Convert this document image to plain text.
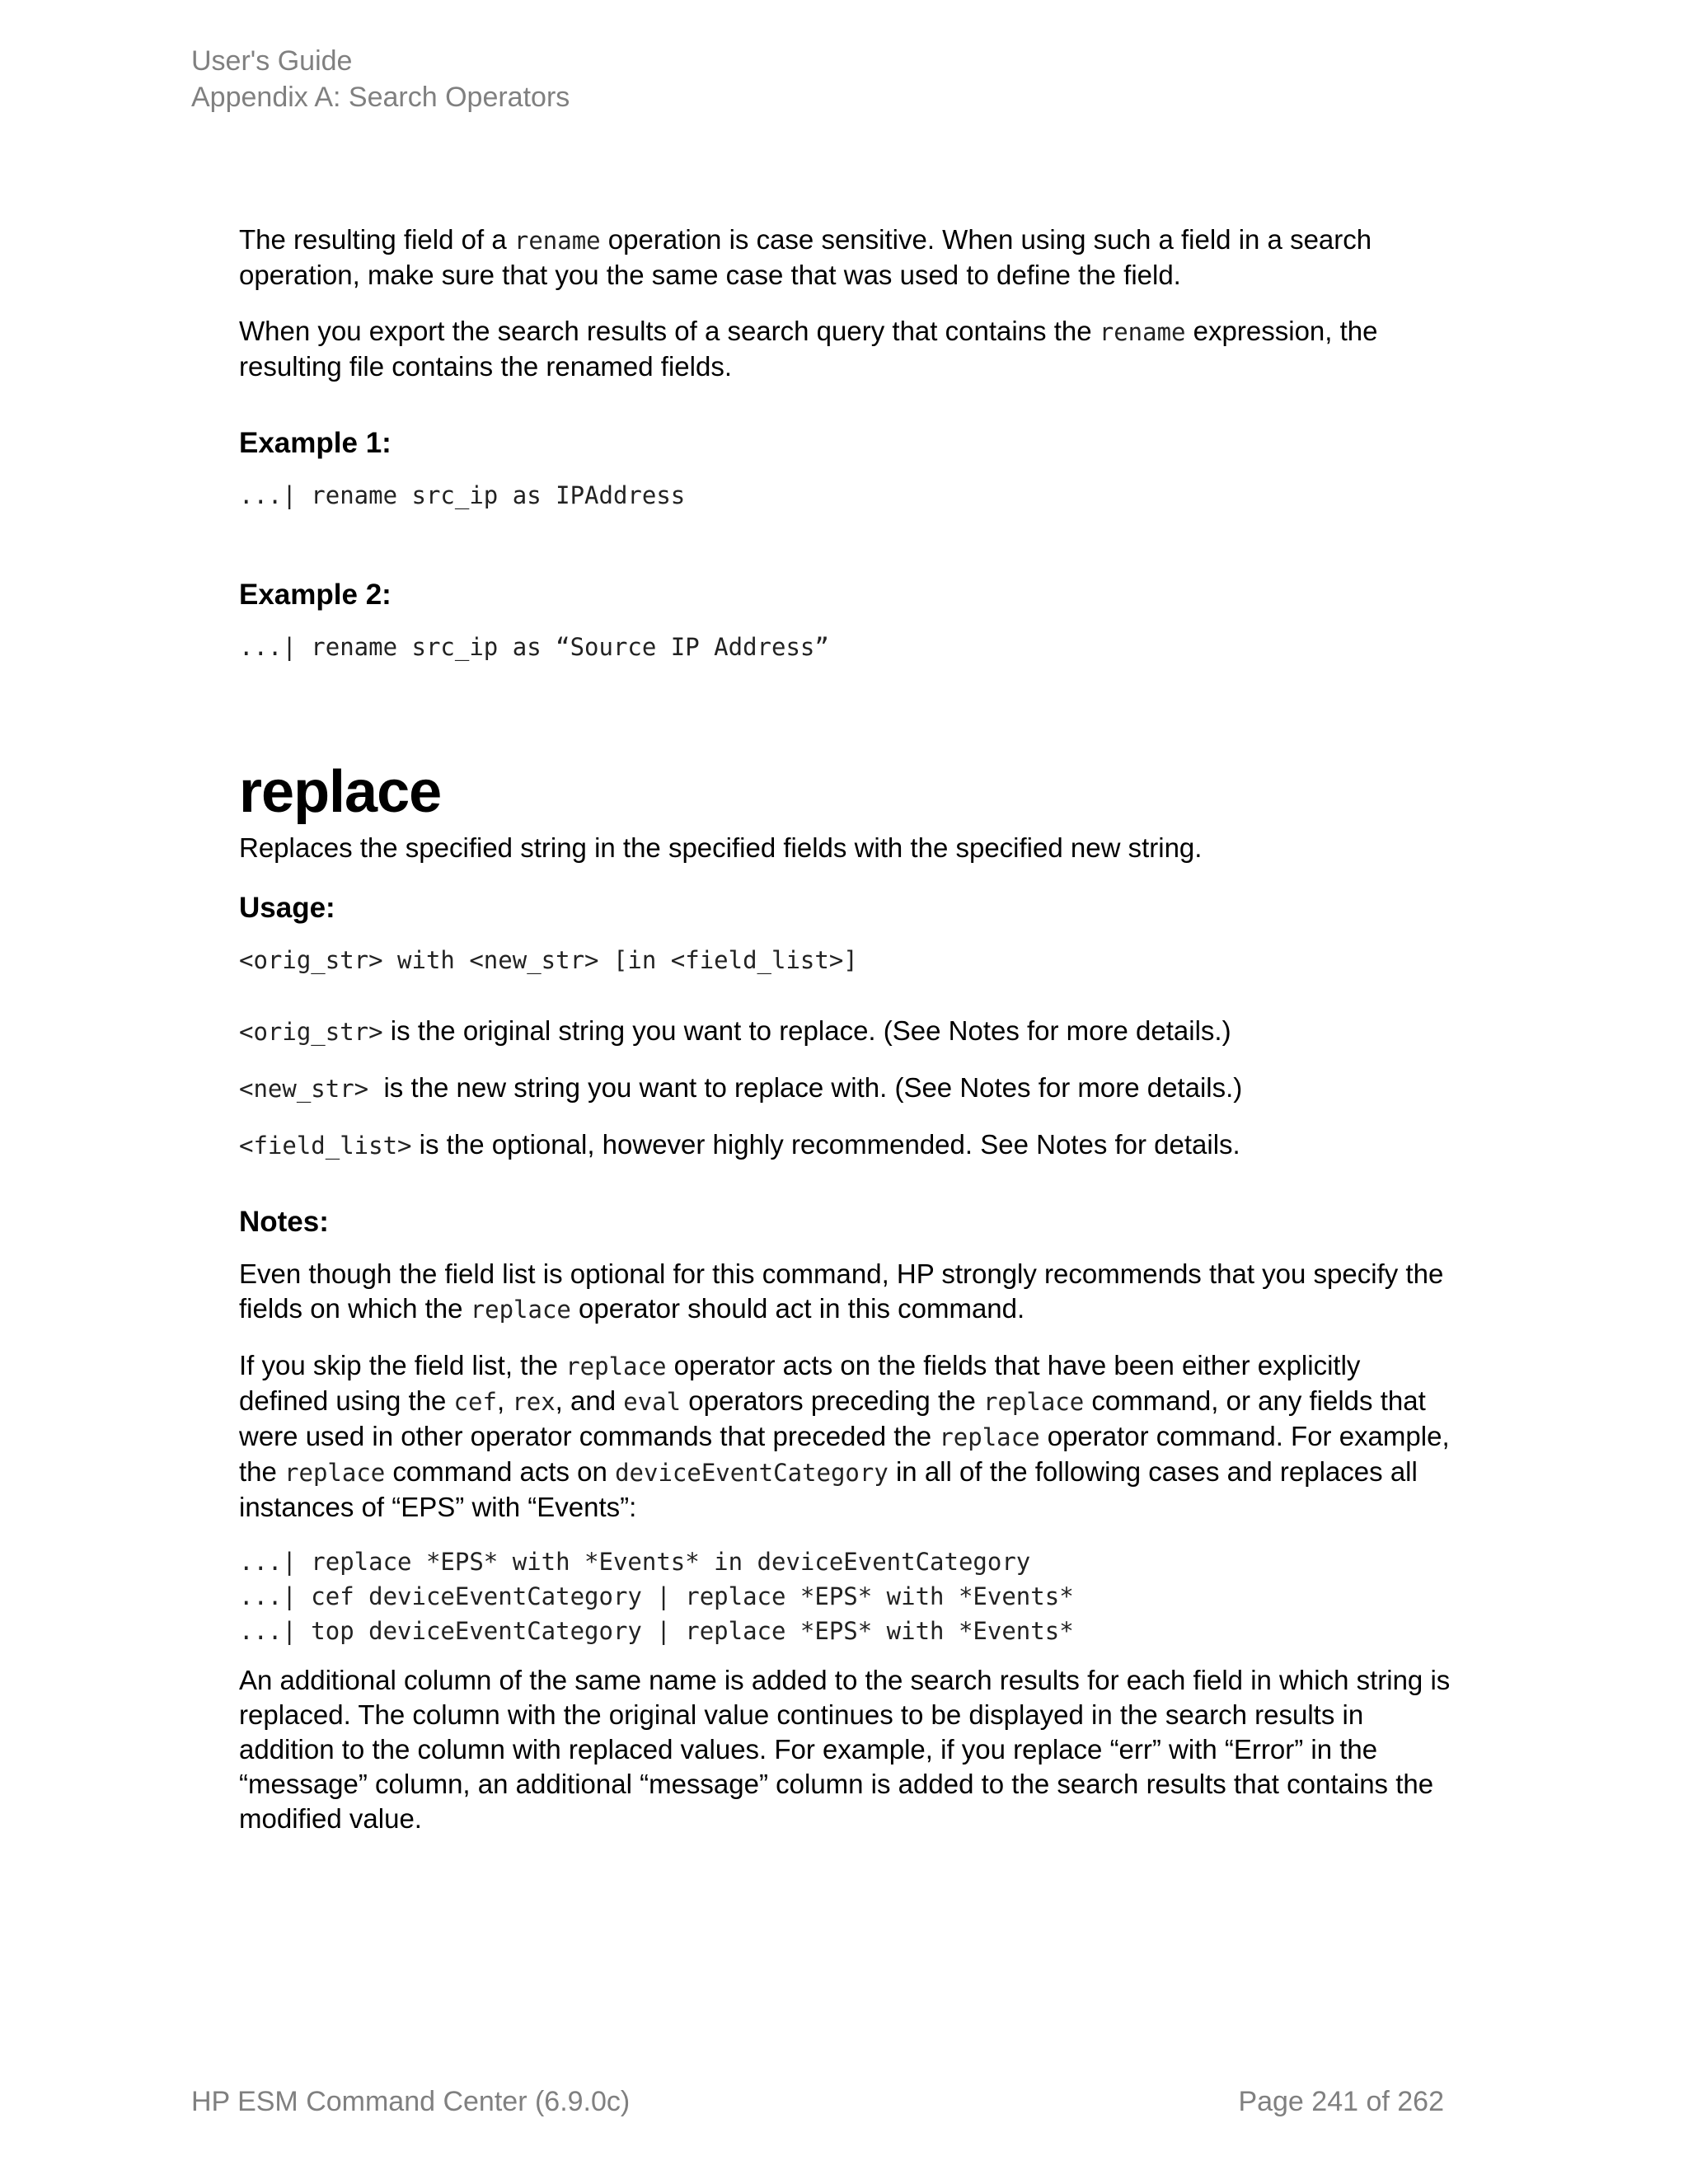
User's Guide
Appendix A: Search Operators

The resulting field of a rename operation is case sensitive. When using such a field in a search operation, make sure that you the same case that was used to define the field.

When you export the search results of a search query that contains the rename expression, the resulting file contains the renamed fields.

Example 1:
...| rename src_ip as IPAddress
Example 2:
...| rename src_ip as “Source IP Address”
replace

Replaces the specified string in the specified fields with the specified new string.

Usage:
<orig_str> with <new_str> [in <field_list>]

<orig_str> is the original string you want to replace. (See Notes for more details.)

<new_str>  is the new string you want to replace with. (See Notes for more details.)

<field_list> is the optional, however highly recommended. See Notes for details.

Notes:

Even though the field list is optional for this command, HP strongly recommends that you specify the fields on which the replace operator should act in this command.

If you skip the field list, the replace operator acts on the fields that have been either explicitly defined using the cef, rex, and eval operators preceding the replace command, or any fields that were used in other operator commands that preceded the replace operator command. For example, the replace command acts on deviceEventCategory in all of the following cases and replaces all instances of “EPS” with “Events”:

...| replace *EPS* with *Events* in deviceEventCategory
...| cef deviceEventCategory | replace *EPS* with *Events*
...| top deviceEventCategory | replace *EPS* with *Events*

An additional column of the same name is added to the search results for each field in which string is replaced. The column with the original value continues to be displayed in the search results in addition to the column with replaced values. For example, if you replace “err” with “Error” in the “message” column, an additional “message” column is added to the search results that contains the modified value.

HP ESM Command Center (6.9.0c)	Page 241 of 262
